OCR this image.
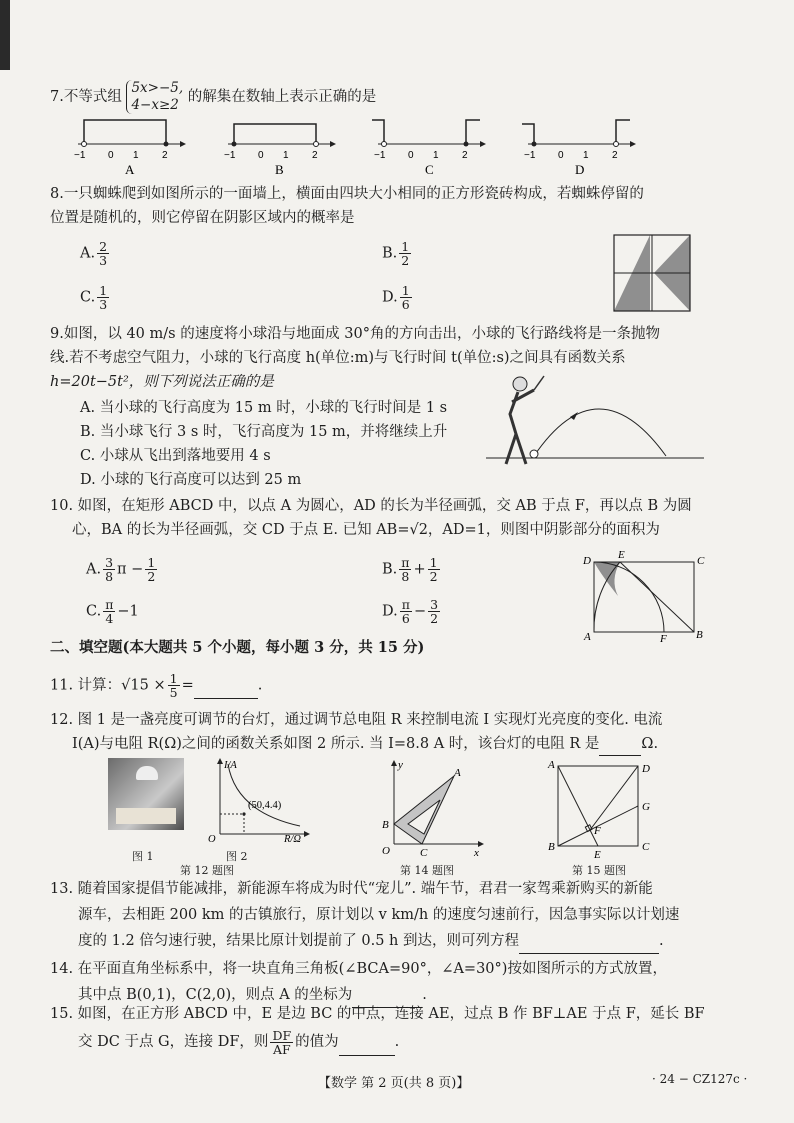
7.不等式组
5x>−5,
4−x≥2 的解集在数轴上表示正确的是
−1 0 1 2
A
−1 0 1 2
B
−1 0 1 2
C
−1 0 1 2
D
8.一只蜘蛛爬到如图所示的一面墙上，横面由四块大小相同的正方形瓷砖构成，若蜘蛛停留的
位置是随机的，则它停留在阴影区域内的概率是
A. $\frac{2}{3}$	B. $\frac{1}{2}$
C. $\frac{1}{3}$	D. $\frac{1}{6}$
9.如图，以 40 m/s 的速度将小球沿与地面成 30°角的方向击出，小球的飞行路线将是一条抛物
线.若不考虑空气阻力，小球的飞行高度 h(单位:m)与飞行时间 t(单位:s)之间具有函数关系
h=20t−5t²，则下列说法正确的是
A. 当小球的飞行高度为 15 m 时，小球的飞行时间是 1 s
B. 当小球飞行 3 s 时，飞行高度为 15 m，并将继续上升
C. 小球从飞出到落地要用 4 s
D. 小球的飞行高度可以达到 25 m
10. 如图，在矩形 ABCD 中，以点 A 为圆心，AD 的长为半径画弧，交 AB 于点 F，再以点 B 为圆
心，BA 的长为半径画弧，交 CD 于点 E. 已知 AB=√2，AD=1，则图中阴影部分的面积为
A. $\frac{3}{8}$ $\pi - \frac{1}{2}$	B. $\frac{\pi}{8} + \frac{1}{2}$
C. $\frac{\pi}{4} -1$	D. $\frac{\pi}{6} - \frac{3}{2}$
D E	C
A	F	B
二、填空题(本大题共 5 个小题，每小题 3 分，共 15 分)
11. 计算：$√15 \times \frac{1}{5}$ =	.
12. 图 1 是一盏亮度可调节的台灯，通过调节总电阻 R 来控制电流 I 实现灯光亮度的变化. 电流
I(A)与电阻 R(Ω)之间的函数关系如图 2 所示. 当 I=8.8 A 时，该台灯的电阻 R 是	Ω.
图 1
I/A
R/Ω
(50,4.4)
O
图 2
第 12 题图
y
A
B
O	C	x
第 14 题图
A	D
G
F
B
E
C
第 15 题图
13. 随着国家提倡节能减排，新能源车将成为时代“宠儿”. 端午节，君君一家驾乘新购买的新能
源车，去相距 200 km 的古镇旅行，原计划以 v km/h 的速度匀速前行，因急事实际以计划速
度的 1.2 倍匀速行驶，结果比原计划提前了 0.5 h 到达，则可列方程	.
14. 在平面直角坐标系中，将一块直角三角板(∠BCA=90°，∠A=30°)按如图所示的方式放置，
其中点 B(0,1)，C(2,0)，则点 A 的坐标为	.
15. 如图，在正方形 ABCD 中，E 是边 BC 的中点，连接 AE，过点 B 作 BF⊥AE 于点 F，延长 BF
交 DC 于点 G，连接 DF，则 $\frac{DF}{AF}$ 的值为	.
【数学 第 2 页(共 8 页)】	· 24 − CZ127c ·
